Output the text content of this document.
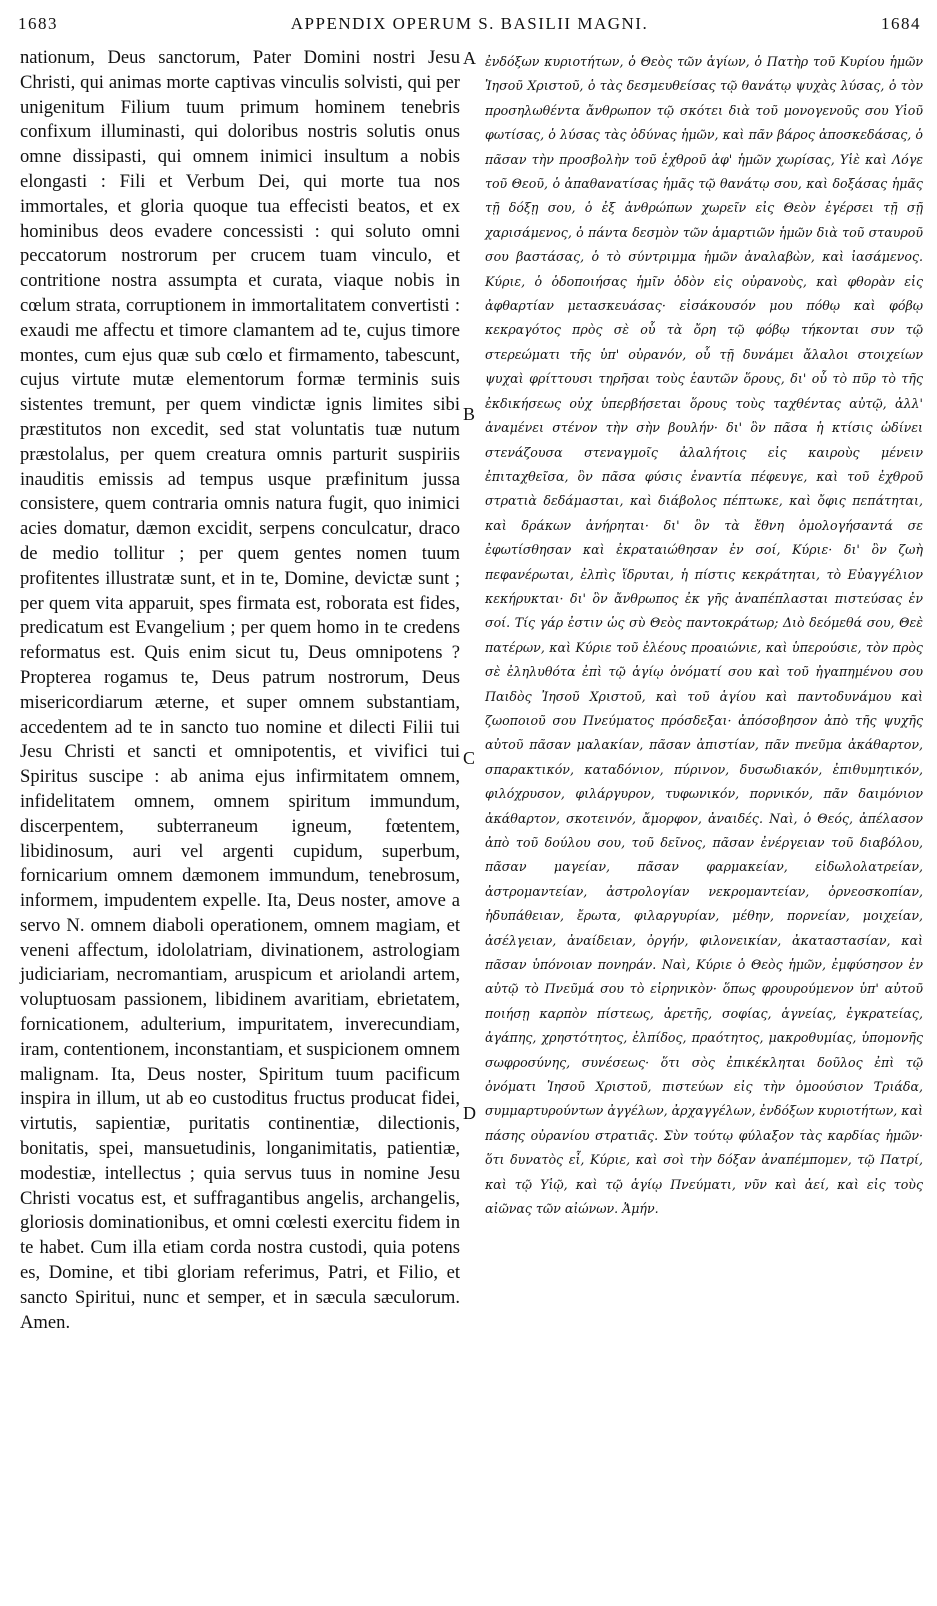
1683	APPENDIX OPERUM S. BASILII MAGNI.	1684
nationum, Deus sanctorum, Pater Domini nostri Jesu Christi, qui animas morte captivas vinculis solvisti, qui per unigenitum Filium tuum primum hominem tenebris confixum illuminasti, qui doloribus nostris solutis onus omne dissipasti, qui omnem inimici insultum a nobis elongasti : Fili et Verbum Dei, qui morte tua nos immortales, et gloria quoque tua effecisti beatos, et ex hominibus deos evadere concessisti : qui soluto omni peccatorum nostrorum per crucem tuam vinculo, et contritione nostra assumpta et curata, viaque nobis in cœlum strata, corruptionem in immortalitatem convertisti : exaudi me affectu et timore clamantem ad te, cujus timore montes, cum ejus quæ sub cœlo et firmamento, tabescunt, cujus virtute mutæ elementorum formæ terminis suis sistentes tremunt, per quem vindictæ ignis limites sibi præstitutos non excedit, sed stat voluntatis tuæ nutum præstolalus, per quem creatura omnis parturit suspiriis inauditis emissis ad tempus usque præfinitum jussa consistere, quem contraria omnis natura fugit, quo inimici acies domatur, dæmon excidit, serpens conculcatur, draco de medio tollitur ; per quem gentes nomen tuum profitentes illustratæ sunt, et in te, Domine, devictæ sunt ; per quem vita apparuit, spes firmata est, roborata est fides, predicatum est Evangelium ; per quem homo in te credens reformatus est. Quis enim sicut tu, Deus omnipotens ? Propterea rogamus te, Deus patrum nostrorum, Deus misericordiarum æterne, et super omnem substantiam, accedentem ad te in sancto tuo nomine et dilecti Filii tui Jesu Christi et sancti et omnipotentis, et vivifici tui Spiritus suscipe : ab anima ejus infirmitatem omnem, infidelitatem omnem, omnem spiritum immundum, discerpentem, subterraneum igneum, fœtentem, libidinosum, auri vel argenti cupidum, superbum, fornicarium omnem dæmonem immundum, tenebrosum, informem, impudentem expelle. Ita, Deus noster, amove a servo N. omnem diaboli operationem, omnem magiam, et veneni affectum, idololatriam, divinationem, astrologiam judiciariam, necromantiam, aruspicum et ariolandi artem, voluptuosam passionem, libidinem avaritiam, ebrietatem, fornicationem, adulterium, impuritatem, inverecundiam, iram, contentionem, inconstantiam, et suspicionem omnem malignam. Ita, Deus noster, Spiritum tuum pacificum inspira in illum, ut ab eo custoditus fructus producat fidei, virtutis, sapientiæ, puritatis continentiæ, dilectionis, bonitatis, spei, mansuetudinis, longanimitatis, patientiæ, modestiæ, intellectus ; quia servus tuus in nomine Jesu Christi vocatus est, et suffragantibus angelis, archangelis, gloriosis dominationibus, et omni cœlesti exercitu fidem in te habet. Cum illa etiam corda nostra custodi, quia potens es, Domine, et tibi gloriam referimus, Patri, et Filio, et sancto Spiritui, nunc et semper, et in sæcula sæculorum. Amen.
A
B
C
D
ἐνδόξων κυριοτήτων, ὁ Θεὸς τῶν ἁγίων, ὁ Πατὴρ τοῦ Κυρίου ἡμῶν Ἰησοῦ Χριστοῦ, ὁ τὰς δεσμευθείσας τῷ θανάτῳ ψυχὰς λύσας, ὁ τὸν προσηλωθέντα ἄνθρωπον τῷ σκότει διὰ τοῦ μονογενοῦς σου Υἱοῦ φωτίσας, ὁ λύσας τὰς ὀδύνας ἡμῶν, καὶ πᾶν βάρος ἀποσκεδάσας, ὁ πᾶσαν τὴν προσβολὴν τοῦ ἐχθροῦ ἀφ' ἡμῶν χωρίσας, Υἱὲ καὶ Λόγε τοῦ Θεοῦ, ὁ ἀπαθανατίσας ἡμᾶς τῷ θανάτῳ σου, καὶ δοξάσας ἡμᾶς τῇ δόξῃ σου, ὁ ἐξ ἀνθρώπων χωρεῖν εἰς Θεὸν ἐγέρσει τῇ σῇ χαρισάμενος, ὁ πάντα δεσμὸν τῶν ἁμαρτιῶν ἡμῶν διὰ τοῦ σταυροῦ σου βαστάσας, ὁ τὸ σύντριμμα ἡμῶν ἀναλαβὼν, καὶ ἰασάμενος. Κύριε, ὁ ὁδοποιήσας ἡμῖν ὁδὸν εἰς οὐρανοὺς, καὶ φθορὰν εἰς ἀφθαρτίαν μετασκευάσας· εἰσάκουσόν μου πόθῳ καὶ φόβῳ κεκραγότος πρὸς σὲ οὗ τὰ ὄρη τῷ φόβῳ τήκονται συν τῷ στερεώματι τῆς ὑπ' οὐρανόν, οὗ τῇ δυνάμει ἄλαλοι στοιχείων ψυχαὶ φρίττουσι τηρῆσαι τοὺς ἑαυτῶν ὅρους, δι' οὗ τὸ πῦρ τὸ τῆς ἐκδικήσεως οὐχ ὑπερβήσεται ὅρους τοὺς ταχθέντας αὐτῷ, ἀλλ' ἀναμένει στένον τὴν σὴν βουλήν· δι' ὃν πᾶσα ἡ κτίσις ὠδίνει στενάζουσα στεναγμοῖς ἀλαλήτοις εἰς καιροὺς μένειν ἐπιταχθεῖσα, ὃν πᾶσα φύσις ἐναντία πέφευγε, καὶ τοῦ ἐχθροῦ στρατιὰ δεδάμασται, καὶ διάβολος πέπτωκε, καὶ ὄφις πεπάτηται, καὶ δράκων ἀνήρηται· δι' ὃν τὰ ἔθνη ὁμολογήσαντά σε ἐφωτίσθησαν καὶ ἐκραταιώθησαν ἐν σοί, Κύριε· δι' ὃν ζωὴ πεφανέρωται, ἐλπὶς ἵδρυται, ἡ πίστις κεκράτηται, τὸ Εὐαγγέλιον κεκήρυκται· δι' ὃν ἄνθρωπος ἐκ γῆς ἀναπέπλασται πιστεύσας ἐν σοί. Τίς γάρ ἐστιν ὡς σὺ Θεὸς παντοκράτωρ; Διὸ δεόμεθά σου, Θεὲ πατέρων, καὶ Κύριε τοῦ ἐλέους προαιώνιε, καὶ ὑπερούσιε, τὸν πρὸς σὲ ἐληλυθότα ἐπὶ τῷ ἁγίῳ ὀνόματί σου καὶ τοῦ ἠγαπημένου σου Παιδὸς Ἰησοῦ Χριστοῦ, καὶ τοῦ ἁγίου καὶ παντοδυνάμου καὶ ζωοποιοῦ σου Πνεύματος πρόσδεξαι· ἀπόσοβησον ἀπὸ τῆς ψυχῆς αὐτοῦ πᾶσαν μαλακίαν, πᾶσαν ἀπιστίαν, πᾶν πνεῦμα ἀκάθαρτον, σπαρακτικόν, καταδόνιον, πύρινον, δυσωδιακόν, ἐπιθυμητικόν, φιλόχρυσον, φιλάργυρον, τυφωνικόν, πορνικόν, πᾶν δαιμόνιον ἀκάθαρτον, σκοτεινόν, ἄμορφον, ἀναιδές. Ναὶ, ὁ Θεός, ἀπέλασον ἀπὸ τοῦ δούλου σου, τοῦ δεῖνος, πᾶσαν ἐνέργειαν τοῦ διαβόλου, πᾶσαν μαγείαν, πᾶσαν φαρμακείαν, εἰδωλολατρείαν, ἀστρομαντείαν, ἀστρολογίαν νεκρομαντείαν, ὀρνεοσκοπίαν, ἡδυπάθειαν, ἔρωτα, φιλαργυρίαν, μέθην, πορνείαν, μοιχείαν, ἀσέλγειαν, ἀναίδειαν, ὀργήν, φιλονεικίαν, ἀκαταστασίαν, καὶ πᾶσαν ὑπόνοιαν πονηράν. Ναὶ, Κύριε ὁ Θεὸς ἡμῶν, ἐμφύσησον ἐν αὐτῷ τὸ Πνεῦμά σου τὸ εἰρηνικὸν· ὅπως φρουρούμενον ὑπ' αὐτοῦ ποιήσῃ καρπὸν πίστεως, ἀρετῆς, σοφίας, ἁγνείας, ἐγκρατείας, ἀγάπης, χρηστότητος, ἐλπίδος, πραότητος, μακροθυμίας, ὑπομονῆς σωφροσύνης, συνέσεως· ὅτι σὸς ἐπικέκληται δοῦλος ἐπὶ τῷ ὀνόματι Ἰησοῦ Χριστοῦ, πιστεύων εἰς τὴν ὁμοούσιον Τριάδα, συμμαρτυρούντων ἀγγέλων, ἀρχαγγέλων, ἐνδόξων κυριοτήτων, καὶ πάσης οὐρανίου στρατιᾶς. Σὺν τούτῳ φύλαξον τὰς καρδίας ἡμῶν· ὅτι δυνατὸς εἶ, Κύριε, καὶ σοὶ τὴν δόξαν ἀναπέμπομεν, τῷ Πατρί, καὶ τῷ Υἱῷ, καὶ τῷ ἁγίῳ Πνεύματι, νῦν καὶ ἀεί, καὶ εἰς τοὺς αἰῶνας τῶν αἰώνων. Ἀμήν.
